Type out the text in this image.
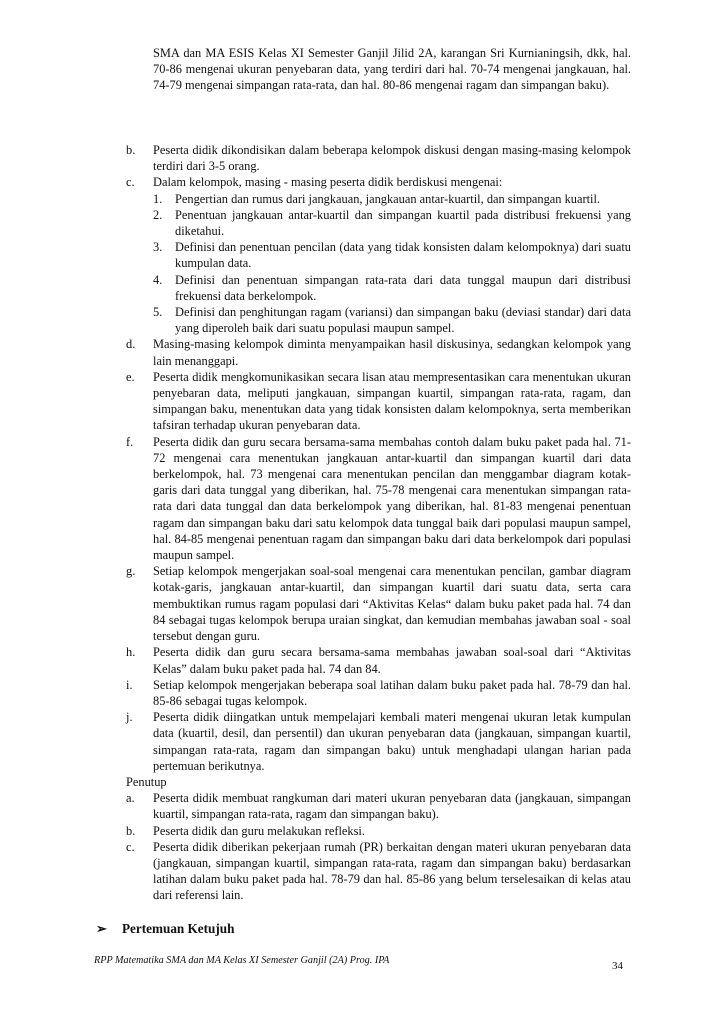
SMA dan MA ESIS Kelas XI Semester Ganjil Jilid 2A, karangan Sri Kurnianingsih, dkk, hal. 70-86 mengenai ukuran penyebaran data, yang terdiri dari hal. 70-74 mengenai jangkauan, hal. 74-79 mengenai simpangan rata-rata, dan hal. 80-86 mengenai ragam dan simpangan baku).
b.	Peserta didik dikondisikan dalam beberapa kelompok diskusi dengan masing-masing kelompok terdiri dari 3-5 orang.
c.	Dalam kelompok, masing - masing peserta didik berdiskusi mengenai:
1.	Pengertian dan rumus dari jangkauan, jangkauan antar-kuartil, dan simpangan kuartil.
2.	Penentuan jangkauan antar-kuartil dan simpangan kuartil pada distribusi frekuensi yang diketahui.
3.	Definisi dan penentuan pencilan (data yang tidak konsisten dalam kelompoknya) dari suatu kumpulan data.
4.	Definisi dan penentuan simpangan rata-rata dari data tunggal maupun dari distribusi frekuensi data berkelompok.
5.	Definisi dan penghitungan ragam (variansi) dan simpangan baku (deviasi standar) dari data yang diperoleh baik dari suatu populasi maupun sampel.
d.	Masing-masing kelompok diminta menyampaikan hasil diskusinya, sedangkan kelompok yang lain menanggapi.
e.	Peserta didik mengkomunikasikan secara lisan atau mempresentasikan cara menentukan ukuran penyebaran data, meliputi jangkauan, simpangan kuartil, simpangan rata-rata, ragam, dan simpangan baku, menentukan data yang tidak konsisten dalam kelompoknya, serta memberikan tafsiran terhadap ukuran penyebaran data.
f.	Peserta didik dan guru secara bersama-sama membahas contoh dalam buku paket pada hal. 71-72 mengenai cara menentukan jangkauan antar-kuartil dan simpangan kuartil dari data berkelompok, hal. 73 mengenai cara menentukan pencilan dan menggambar diagram kotak-garis dari data tunggal yang diberikan, hal. 75-78 mengenai cara menentukan simpangan rata-rata dari data tunggal dan data berkelompok yang diberikan, hal. 81-83 mengenai penentuan ragam dan simpangan baku dari satu kelompok data tunggal baik dari populasi maupun sampel, hal. 84-85 mengenai penentuan ragam dan simpangan baku dari data berkelompok dari populasi maupun sampel.
g.	Setiap kelompok mengerjakan soal-soal mengenai cara menentukan pencilan, gambar diagram kotak-garis, jangkauan antar-kuartil, dan simpangan kuartil dari suatu data, serta cara membuktikan rumus ragam populasi dari “Aktivitas Kelas“ dalam buku paket pada hal. 74 dan 84 sebagai tugas kelompok berupa uraian singkat, dan kemudian membahas jawaban soal - soal tersebut dengan guru.
h.	Peserta didik dan guru secara bersama-sama membahas jawaban soal-soal dari “Aktivitas Kelas” dalam buku paket pada hal. 74 dan 84.
i.	Setiap kelompok mengerjakan beberapa soal latihan dalam buku paket pada hal. 78-79 dan hal. 85-86 sebagai tugas kelompok.
j.	Peserta didik diingatkan untuk mempelajari kembali materi mengenai ukuran letak kumpulan data (kuartil, desil, dan persentil) dan ukuran penyebaran data (jangkauan, simpangan kuartil, simpangan rata-rata, ragam dan simpangan baku) untuk menghadapi ulangan harian pada pertemuan berikutnya.
Penutup
a.	Peserta didik membuat rangkuman dari materi ukuran penyebaran data (jangkauan, simpangan kuartil, simpangan rata-rata, ragam dan simpangan baku).
b.	Peserta didik dan guru melakukan refleksi.
c.	Peserta didik diberikan pekerjaan rumah (PR) berkaitan dengan materi ukuran penyebaran data (jangkauan, simpangan kuartil, simpangan rata-rata, ragam dan simpangan baku) berdasarkan latihan dalam buku paket pada hal. 78-79 dan hal. 85-86 yang belum terselesaikan di kelas atau dari referensi lain.
➢	Pertemuan Ketujuh
RPP Matematika SMA dan MA Kelas XI Semester Ganjil (2A) Prog. IPA	34
